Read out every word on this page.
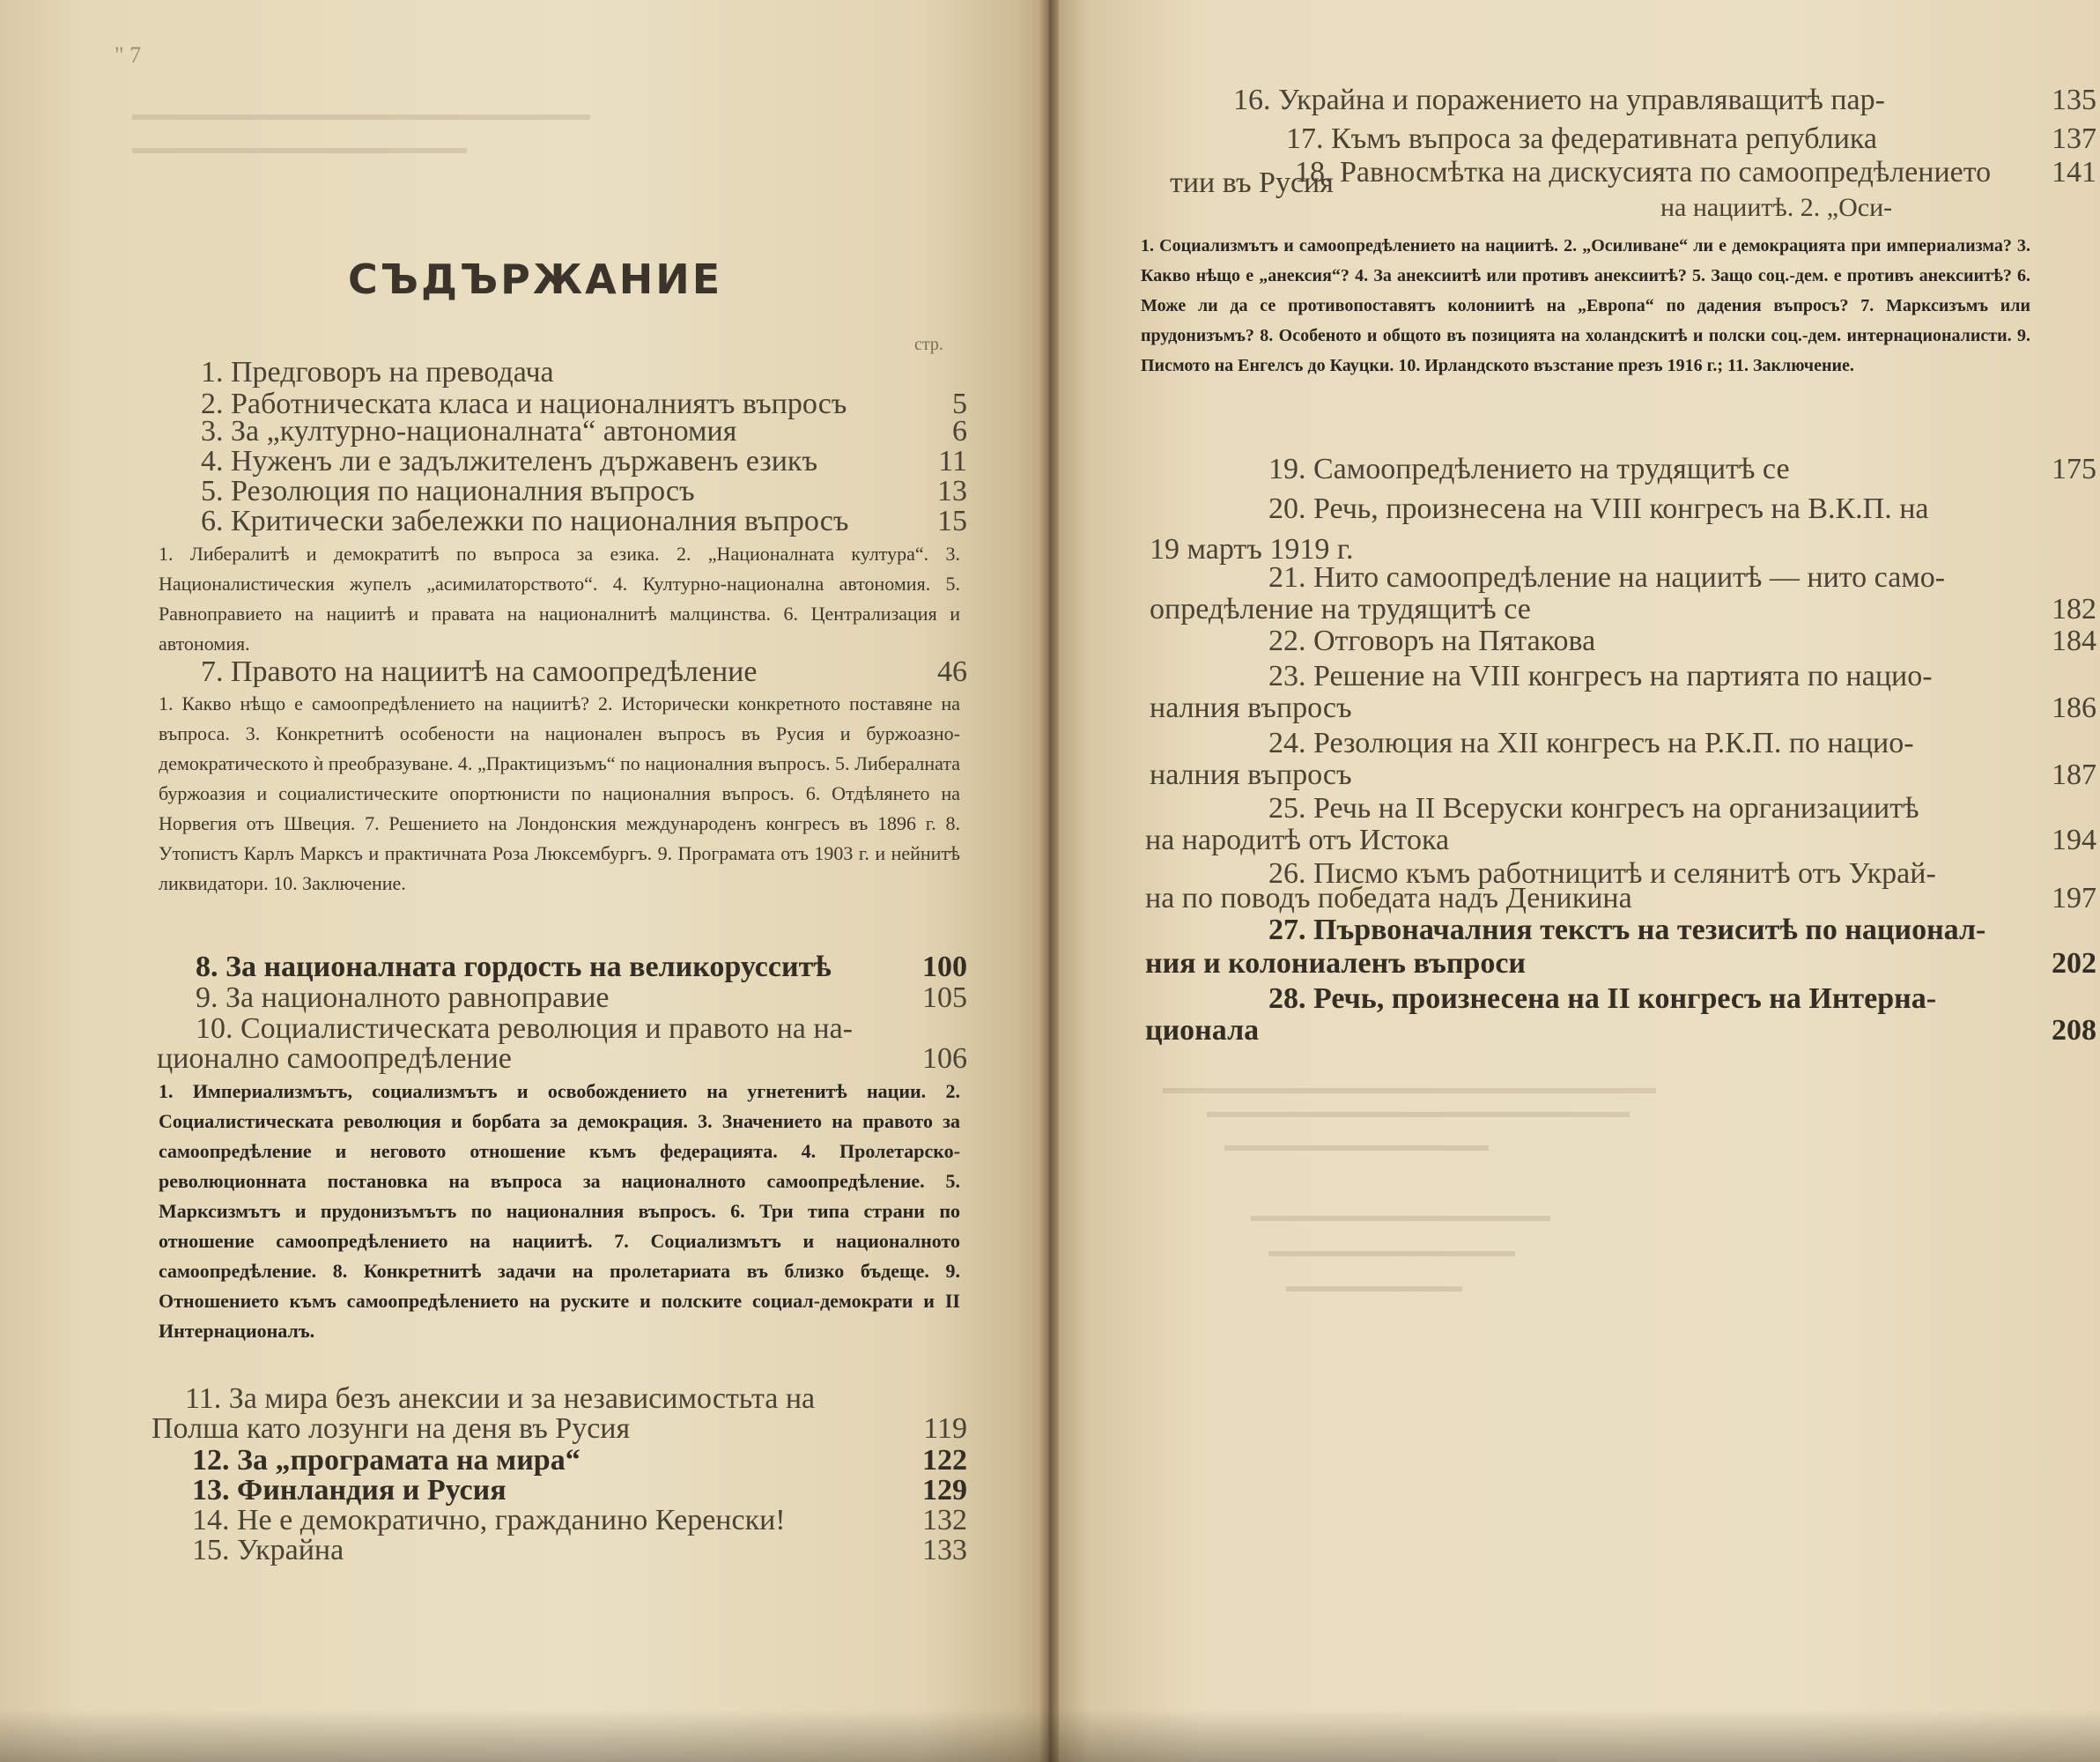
" 7
СЪДЪРЖАНИЕ
стр.
1. Предговоръ на преводача
2. Работническата класа и националниятъ въпросъ	5
3. За „културно-националната“ автономия	6
4. Нуженъ ли е задължителенъ държавенъ езикъ	11
5. Резолюция по националния въпросъ	13
6. Критически забележки по националния въпросъ	15
1. Либералитѣ и демократитѣ по въпроса за езика. 2. „Националната култура“. 3. Националистическия жупелъ „асимилаторството“. 4. Културно-национална автономия. 5. Равноправието на нациитѣ и правата на националнитѣ малцинства. 6. Централизация и автономия.
7. Правото на нациитѣ на самоопредѣление	46
1. Какво нѣщо е самоопредѣлението на нациитѣ? 2. Исторически конкретното поставяне на въпроса. 3. Конкретнитѣ особености на национален въпросъ въ Русия и буржоазно-демократическото ѝ преобразуване. 4. „Практицизъмъ“ по националния въпросъ. 5. Либералната буржоазия и социалистическите опортюнисти по националния въпросъ. 6. Отдѣлянето на Норвегия отъ Швеция. 7. Решението на Лондонския международенъ конгресъ въ 1896 г. 8. Утопистъ Карлъ Марксъ и практичната Роза Люксембургъ. 9. Програмата отъ 1903 г. и нейнитѣ ликвидатори. 10. Заключение.
8. За националната гордость на великорусситѣ	100
9. За националното равноправие	105
10. Социалистическата революция и правото на на-
ционално самоопредѣление	106
1. Империализмътъ, социализмътъ и освобождението на угнетенитѣ нации. 2. Социалистическата революция и борбата за демокрация. 3. Значението на правото за самоопредѣление и неговото отношение къмъ федерацията. 4. Пролетарско-революционната постановка на въпроса за националното самоопредѣление. 5. Марксизмътъ и прудонизъмътъ по националния въпросъ. 6. Три типа страни по отношение самоопредѣлението на нациитѣ. 7. Социализмътъ и националното самоопредѣление. 8. Конкретнитѣ задачи на пролетариата въ близко бъдеще. 9. Отношението къмъ самоопредѣлението на руските и полските социал-демократи и II Интернационалъ.
11. За мира безъ анексии и за независимостьта на
Полша като лозунги на деня въ Русия	119
12. За „програмата на мира“	122
13. Финландия и Русия	129
14. Не е демократично, гражданино Керенски!	132
15. Украйна	133
16. Украйна и поражението на управляващитѣ пар-	135
тии въ Русия
17. Къмъ въпроса за федеративната република	137
18. Равносмѣтка на дискусията по самоопредѣлението	141
на нациитѣ. 2. „Оси-
1. Социализмътъ и самоопредѣлението на нациитѣ. 2. „Осиливане“ ли е демокрацията при империализма? 3. Какво нѣщо е „анексия“? 4. За анексиитѣ или противъ анексиитѣ? 5. Защо соц.-дем. е противъ анексиитѣ? 6. Може ли да се противопоставятъ колониитѣ на „Европа“ по дадения въпросъ? 7. Марксизъмъ или прудонизъмъ? 8. Особеното и общото въ позицията на холандскитѣ и полски соц.-дем. интернационалисти. 9. Писмото на Енгелсъ до Кауцки. 10. Ирландското възстание презъ 1916 г.; 11. Заключение.
19. Самоопредѣлението на трудящитѣ се	175
20. Речь, произнесена на VIII конгресъ на В.К.П. на
19 мартъ 1919 г.
21. Нито самоопредѣление на нациитѣ — нито само-
опредѣление на трудящитѣ се	182
22. Отговоръ на Пятакова	184
23. Решение на VIII конгресъ на партията по нацио-
налния въпросъ	186
24. Резолюция на XII конгресъ на Р.К.П. по нацио-
налния въпросъ	187
25. Речь на II Всеруски конгресъ на организациитѣ
на народитѣ отъ Истока	194
26. Писмо къмъ работницитѣ и селянитѣ отъ Украй-
на по поводъ победата надъ Деникина	197
27. Първоначалния текстъ на тезиситѣ по национал-
ния и колониаленъ въпроси	202
28. Речь, произнесена на II конгресъ на Интерна-
ционала	208
